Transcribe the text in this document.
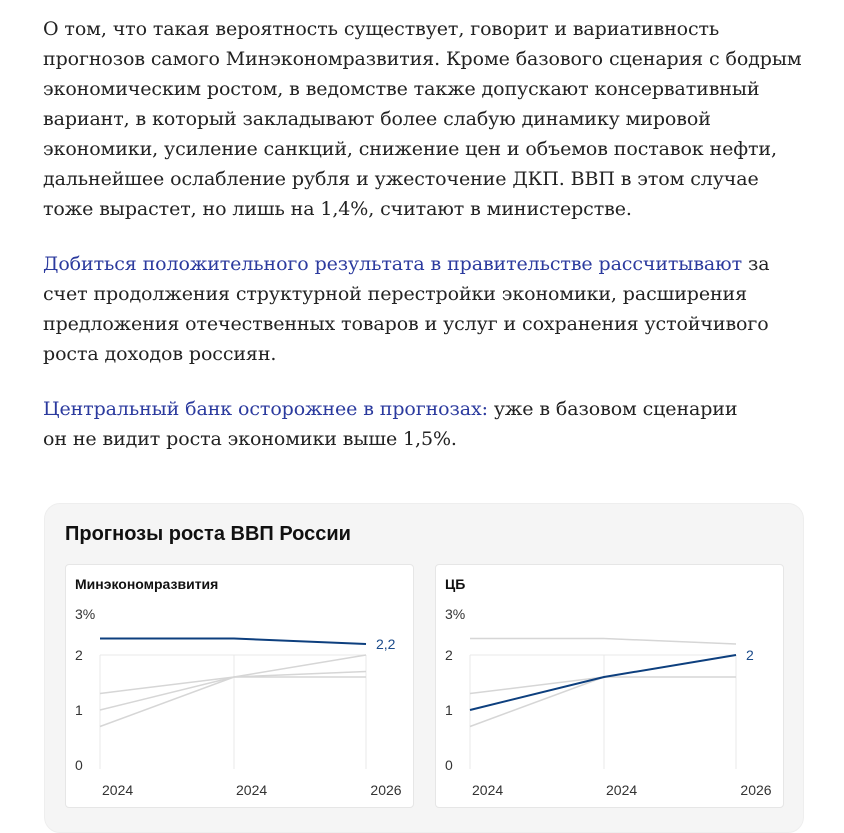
О том, что такая вероятность существует, говорит и вариативность прогнозов самого Минэкономразвития. Кроме базового сценария с бодрым экономическим ростом, в ведомстве также допускают консервативный вариант, в который закладывают более слабую динамику мировой экономики, усиление санкций, снижение цен и объемов поставок нефти, дальнейшее ослабление рубля и ужесточение ДКП. ВВП в этом случае тоже вырастет, но лишь на 1,4%, считают в министерстве.

Добиться положительного результата в правительстве рассчитывают за счет продолжения структурной перестройки экономики, расширения предложения отечественных товаров и услуг и сохранения устойчивого роста доходов россиян.

Центральный банк осторожнее в прогнозах: уже в базовом сценарии
он не видит роста экономики выше 1,5%.

Прогнозы роста ВВП России
Минэкономразвития
3%
0
1
2
2024	2024	2026
2,2
ЦБ
3%
0
1
2
2024	2024	2026
2
